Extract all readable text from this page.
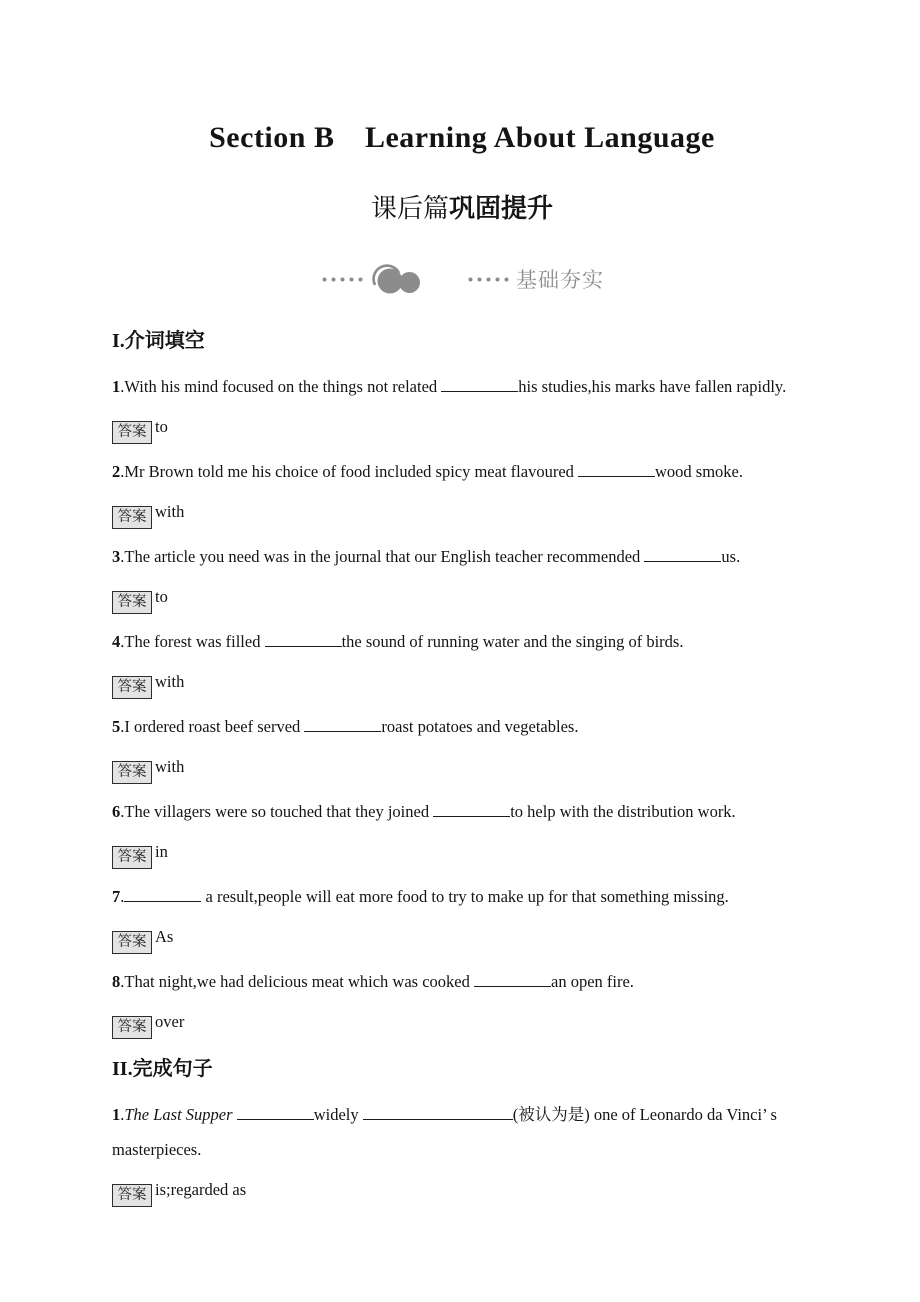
Section B　Learning About Language
课后篇巩固提升
基础夯实
I.介词填空
1.With his mind focused on the things not related	his studies,his marks have fallen rapidly.
答案 to
2.Mr Brown told me his choice of food included spicy meat flavoured	wood smoke.
答案 with
3.The article you need was in the journal that our English teacher recommended	us.
答案 to
4.The forest was filled	the sound of running water and the singing of birds.
答案 with
5.I ordered roast beef served	roast potatoes and vegetables.
答案 with
6.The villagers were so touched that they joined	to help with the distribution work.
答案 in
7.	a result,people will eat more food to try to make up for that something missing.
答案 As
8.That night,we had delicious meat which was cooked	an open fire.
答案 over
II.完成句子
1.The Last Supper	widely	(被认为是) one of Leonardo da Vinci’ s
masterpieces.
答案 is;regarded as
